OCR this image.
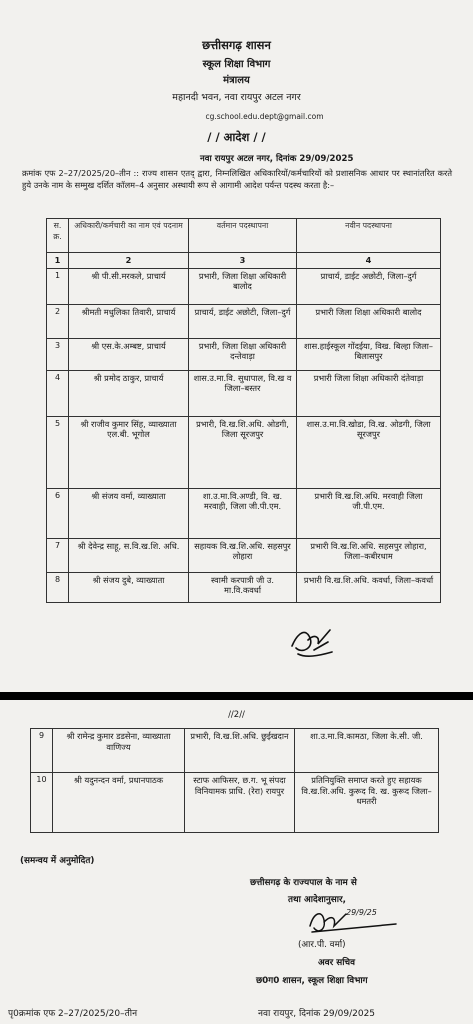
छत्तीसगढ़ शासन
स्कूल शिक्षा विभाग
मंत्रालय
महानदी भवन, नवा रायपुर अटल नगर
cg.school.edu.dept@gmail.com
/ / आदेश / /
नवा रायपुर अटल नगर, दिनांक 29/09/2025
क्रमांक एफ 2–27/2025/20–तीन :: राज्य शासन एतद् द्वारा, निम्नलिखित अधिकारियों/कर्मचारियों को प्रशासनिक आधार पर स्थानांतरित करते हुये उनके नाम के सम्मुख दर्शित कॉलम–4 अनुसार अस्थायी रूप से आगामी आदेश पर्यन्त पदस्थ करता है:–
स. क्र.	अधिकारी/कर्मचारी का नाम एवं पदनाम	वर्तमान पदस्थापना	नवीन पदस्थापना
1	2	3	4
1	श्री पी.सी.मरकले, प्राचार्य	प्रभारी, जिला शिक्षा अधिकारी बालोद	प्राचार्य, डाईट अछोटी, जिला–दुर्ग
2	श्रीमती मधुलिका तिवारी, प्राचार्य	प्राचार्य, डाईट अछोटी, जिला–दुर्ग	प्रभारी जिला शिक्षा अधिकारी बालोद
3	श्री एस.के.अम्बष्ट, प्राचार्य	प्रभारी, जिला शिक्षा अधिकारी दन्तेवाड़ा	शास.हाईस्कूल गोंदईया, विख. बिल्हा जिला–बिलासपुर
4	श्री प्रमोद ठाकुर, प्राचार्य	शास.उ.मा.वि. सुधापाल, वि.ख व जिला–बस्तर	प्रभारी जिला शिक्षा अधिकारी दंतेवाड़ा
5	श्री राजीव कुमार सिंह, व्याख्याता एल.बी. भूगोल	प्रभारी, वि.ख.शि.अधि. ओडगी, जिला सूरजपुर	शास.उ.मा.वि.खोडा, वि.ख. ओडगी, जिला सूरजपुर
6	श्री संजय वर्मा, व्याख्याता	शा.उ.मा.वि.अण्डी, वि. ख. मरवाही, जिला जी.पी.एम.	प्रभारी वि.ख.शि.अधि. मरवाही जिला जी.पी.एम.
7	श्री देवेन्द्र साहू, स.वि.ख.शि. अधि.	सहायक वि.ख.शि.अधि. सहसपुर लोहारा	प्रभारी वि.ख.शि.अधि. सहसपुर लोहारा, जिला–कबीरधाम
8	श्री संजय दुबे, व्याख्याता	स्वामी करपात्री जी उ. मा.वि.कवर्धा	प्रभारी वि.ख.शि.अधि. कवर्धा, जिला–कवर्धा
//2//
9	श्री रामेन्द्र कुमार डडसेना, व्याख्याता वाणिज्य	प्रभारी, वि.ख.शि.अधि. छुईखदान	शा.उ.मा.वि.कामठा, जिला के.सी. जी.
10	श्री यदुनन्दन वर्मा, प्रधानपाठक	स्टाफ आफिसर, छ.ग. भू संपदा विनियामक प्राधि. (रेरा) रायपुर	प्रतिनियुक्ति समाप्त करते हुए सहायक वि.ख.शि.अधि. कुरूद वि. ख. कुरूद जिला–धमतरी
(समन्वय में अनुमोदित)
छत्तीसगढ़ के राज्यपाल के नाम से
तथा आदेशानुसार,
29/9/25
(आर.पी. वर्मा)
अवर सचिव
छ0ग0 शासन, स्कूल शिक्षा विभाग
पृ0क्रमांक एफ 2–27/2025/20–तीन	नवा रायपुर, दिनांक 29/09/2025
